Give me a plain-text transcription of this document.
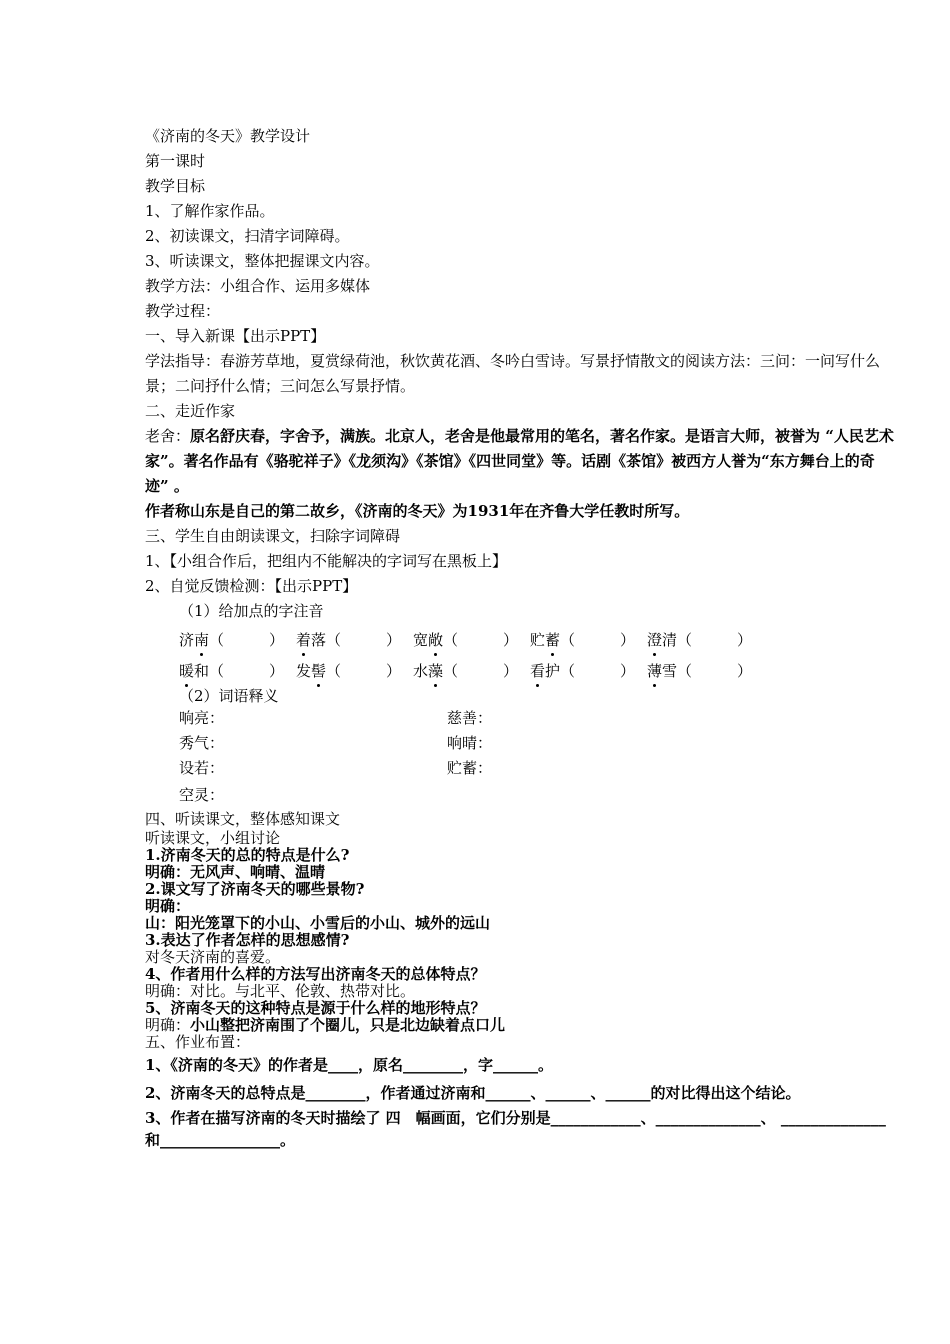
《济南的冬天》教学设计
第一课时
教学目标
1、了解作家作品。
2、初读课文，扫清字词障碍。
3、听读课文，整体把握课文内容。
教学方法：小组合作、运用多媒体
教学过程：
一、导入新课【出示PPT】
学法指导：春游芳草地，夏赏绿荷池，秋饮黄花酒、冬吟白雪诗。写景抒情散文的阅读方法：三问：一问写什么景；二问抒什么情；三问怎么写景抒情。
二、走近作家
老舍：原名舒庆春，字舍予，满族。北京人，老舍是他最常用的笔名，著名作家。是语言大师，被誉为 “人民艺术家”。著名作品有《骆驼祥子》《龙须沟》《茶馆》《四世同堂》等。话剧《茶馆》被西方人誉为“东方舞台上的奇迹” 。
作者称山东是自己的第二故乡，《济南的冬天》为1931年在齐鲁大学任教时所写。
三、学生自由朗读课文，扫除字词障碍
1、【小组合作后，把组内不能解决的字词写在黑板上】
2、自觉反馈检测：【出示PPT】
（1）给加点的字注音
济南（　　　） 着落（　　　） 宽敞（　　　） 贮蓄（　　　） 澄清（　　　）
暖和（　　　） 发髻（　　　） 水藻（　　　） 看护（　　　） 薄雪（　　　）
（2）词语释义
响亮：	慈善：
秀气：	响晴：
设若：	贮蓄：
空灵：
四、听读课文，整体感知课文
听读课文，小组讨论
1.济南冬天的总的特点是什么?
明确：无风声、响晴、温晴
2.课文写了济南冬天的哪些景物?
明确：
山：阳光笼罩下的小山、小雪后的小山、城外的远山
3.表达了作者怎样的思想感情?
对冬天济南的喜爱。
4、作者用什么样的方法写出济南冬天的总体特点？
明确：对比。与北平、伦敦、热带对比。
5、济南冬天的这种特点是源于什么样的地形特点？
明确：小山整把济南围了个圈儿，只是北边缺着点口儿
五、作业布置：
1、《济南的冬天》的作者是____，原名________，字______。
2、济南冬天的总特点是________，作者通过济南和______、______、______的对比得出这个结论。
3、作者在描写济南的冬天时描绘了 四　幅画面，它们分别是____________、______________、 ______________和________________。
